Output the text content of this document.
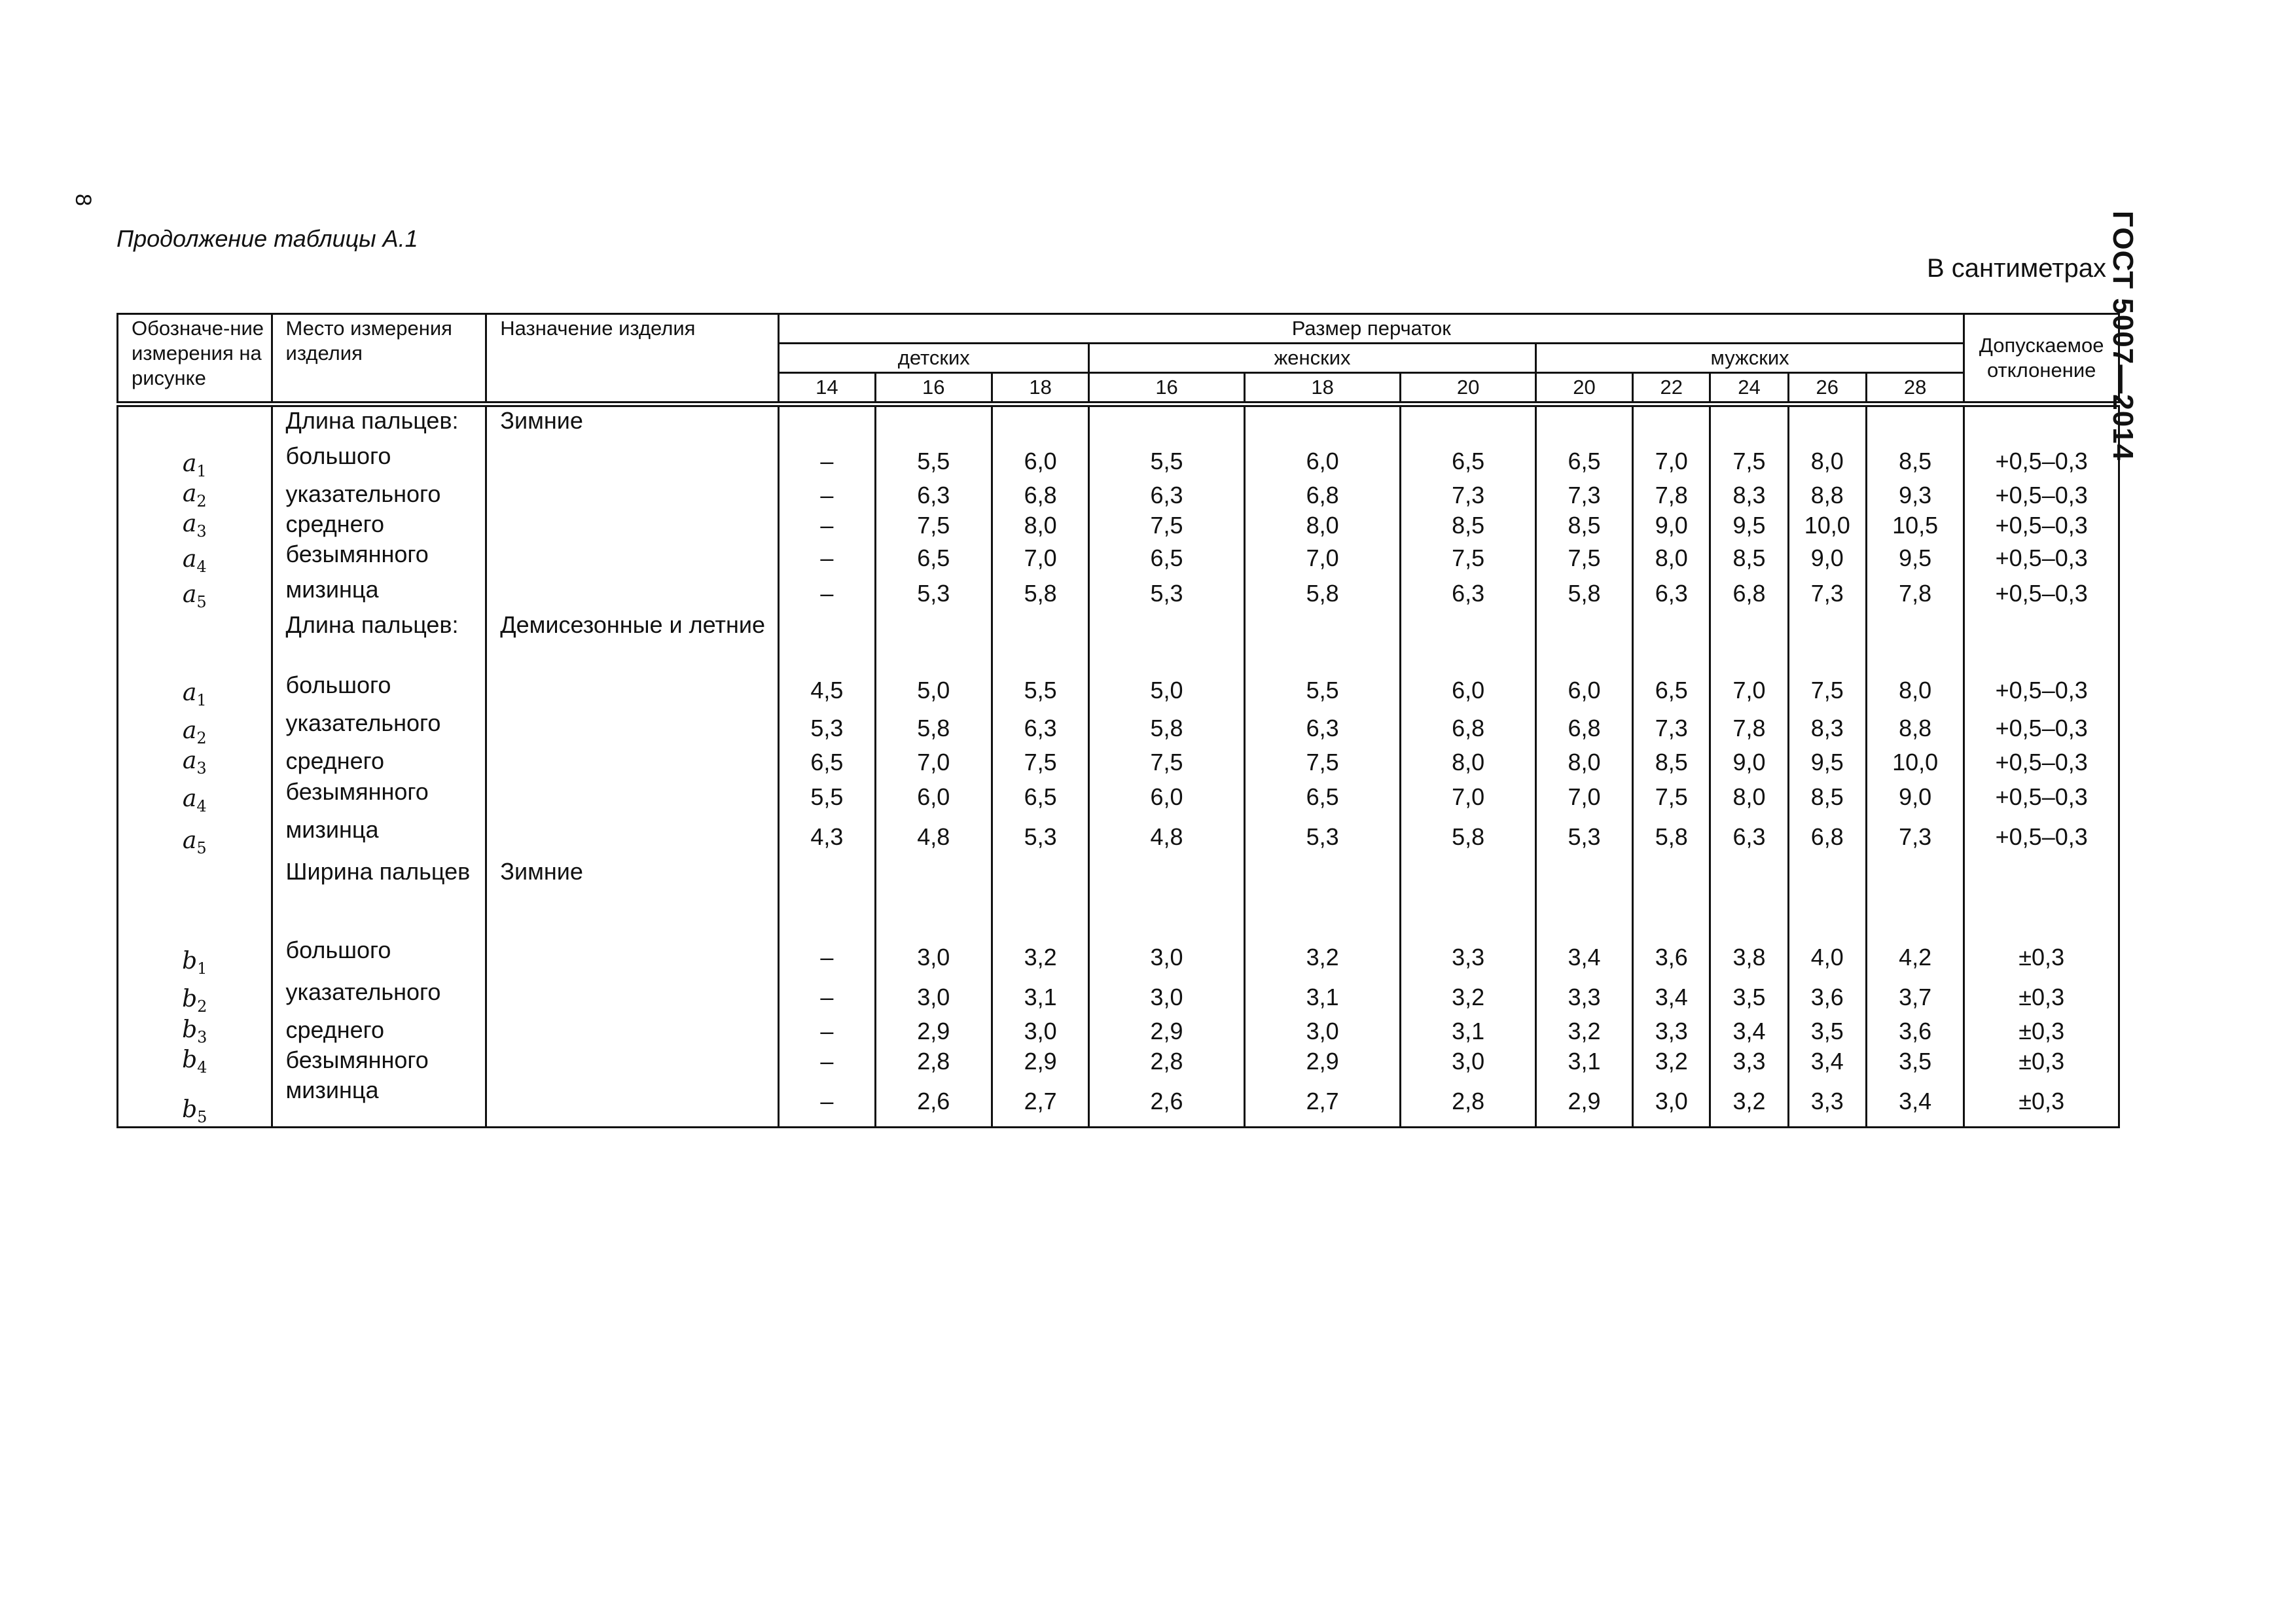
8
Продолжение таблицы А.1
В сантиметрах ГОСТ 5007—2014
Обозначе-ние измерения на рисунке	Место измерения изделия	Назначение изделия	Размер перчаток											Допускаемое отклонение
			детских			женских			мужских					
			14	16	18	16	18	20	20	22	24	26	28	

	Длина пальцев:	Зимние												
$a_1$	большого		–	5,5	6,0	5,5	6,0	6,5	6,5	7,0	7,5	8,0	8,5	+0,5–0,3
$a_2$	указательного		–	6,3	6,8	6,3	6,8	7,3	7,3	7,8	8,3	8,8	9,3	+0,5–0,3
$a_3$	среднего		–	7,5	8,0	7,5	8,0	8,5	8,5	9,0	9,5	10,0	10,5	+0,5–0,3
$a_4$	безымянного		–	6,5	7,0	6,5	7,0	7,5	7,5	8,0	8,5	9,0	9,5	+0,5–0,3
$a_5$	мизинца		–	5,3	5,8	5,3	5,8	6,3	5,8	6,3	6,8	7,3	7,8	+0,5–0,3
	Длина пальцев:	Демисезонные и летние												
$a_1$	большого		4,5	5,0	5,5	5,0	5,5	6,0	6,0	6,5	7,0	7,5	8,0	+0,5–0,3
$a_2$	указательного		5,3	5,8	6,3	5,8	6,3	6,8	6,8	7,3	7,8	8,3	8,8	+0,5–0,3
$a_3$	среднего		6,5	7,0	7,5	7,5	7,5	8,0	8,0	8,5	9,0	9,5	10,0	+0,5–0,3
$a_4$	безымянного		5,5	6,0	6,5	6,0	6,5	7,0	7,0	7,5	8,0	8,5	9,0	+0,5–0,3
$a_5$	мизинца		4,3	4,8	5,3	4,8	5,3	5,8	5,3	5,8	6,3	6,8	7,3	+0,5–0,3
	Ширина пальцев	Зимние												
$b_1$	большого		–	3,0	3,2	3,0	3,2	3,3	3,4	3,6	3,8	4,0	4,2	±0,3
$b_2$	указательного		–	3,0	3,1	3,0	3,1	3,2	3,3	3,4	3,5	3,6	3,7	±0,3
$b_3$	среднего		–	2,9	3,0	2,9	3,0	3,1	3,2	3,3	3,4	3,5	3,6	±0,3
$b_4$	безымянного		–	2,8	2,9	2,8	2,9	3,0	3,1	3,2	3,3	3,4	3,5	±0,3
$b_5$	мизинца		–	2,6	2,7	2,6	2,7	2,8	2,9	3,0	3,2	3,3	3,4	±0,3
